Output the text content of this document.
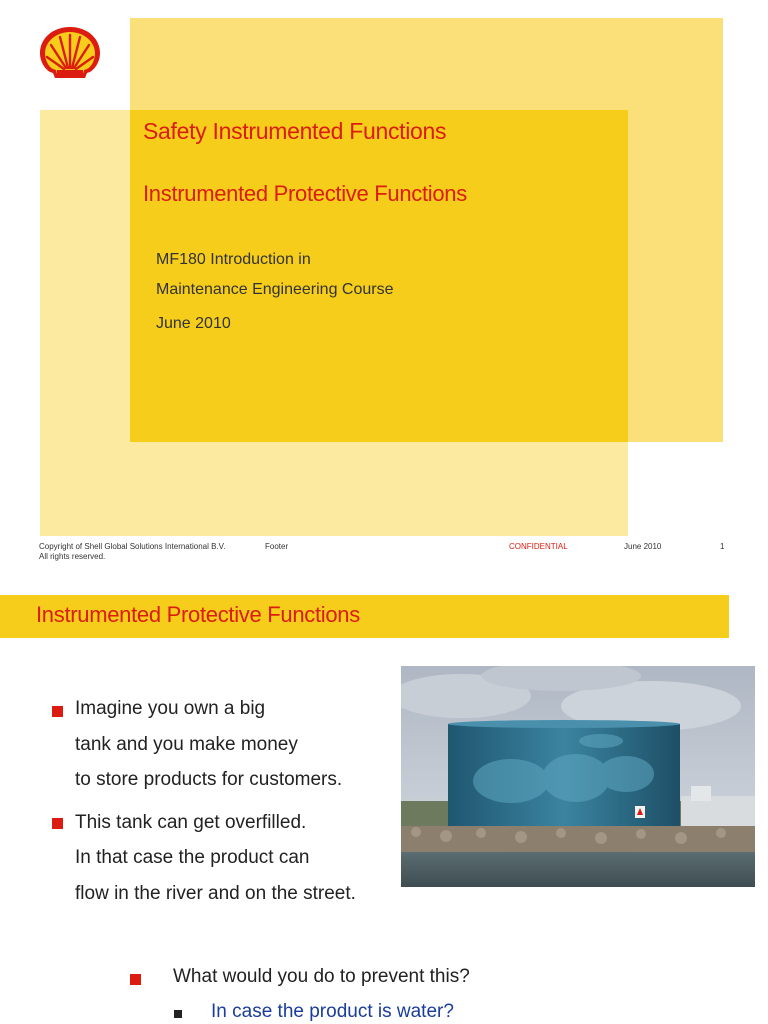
Safety Instrumented Functions
Instrumented Protective Functions
MF180 Introduction in
Maintenance Engineering Course
June 2010
Copyright of Shell Global Solutions International B.V.
All rights reserved.
Footer	CONFIDENTIAL	June 2010	1
Instrumented Protective Functions
Imagine you own a big
tank and you make money
to store products for customers.
This tank can get overfilled.
In that case the product can
flow in the river and on the street.
What would you do to prevent this?
In case the product is water?
